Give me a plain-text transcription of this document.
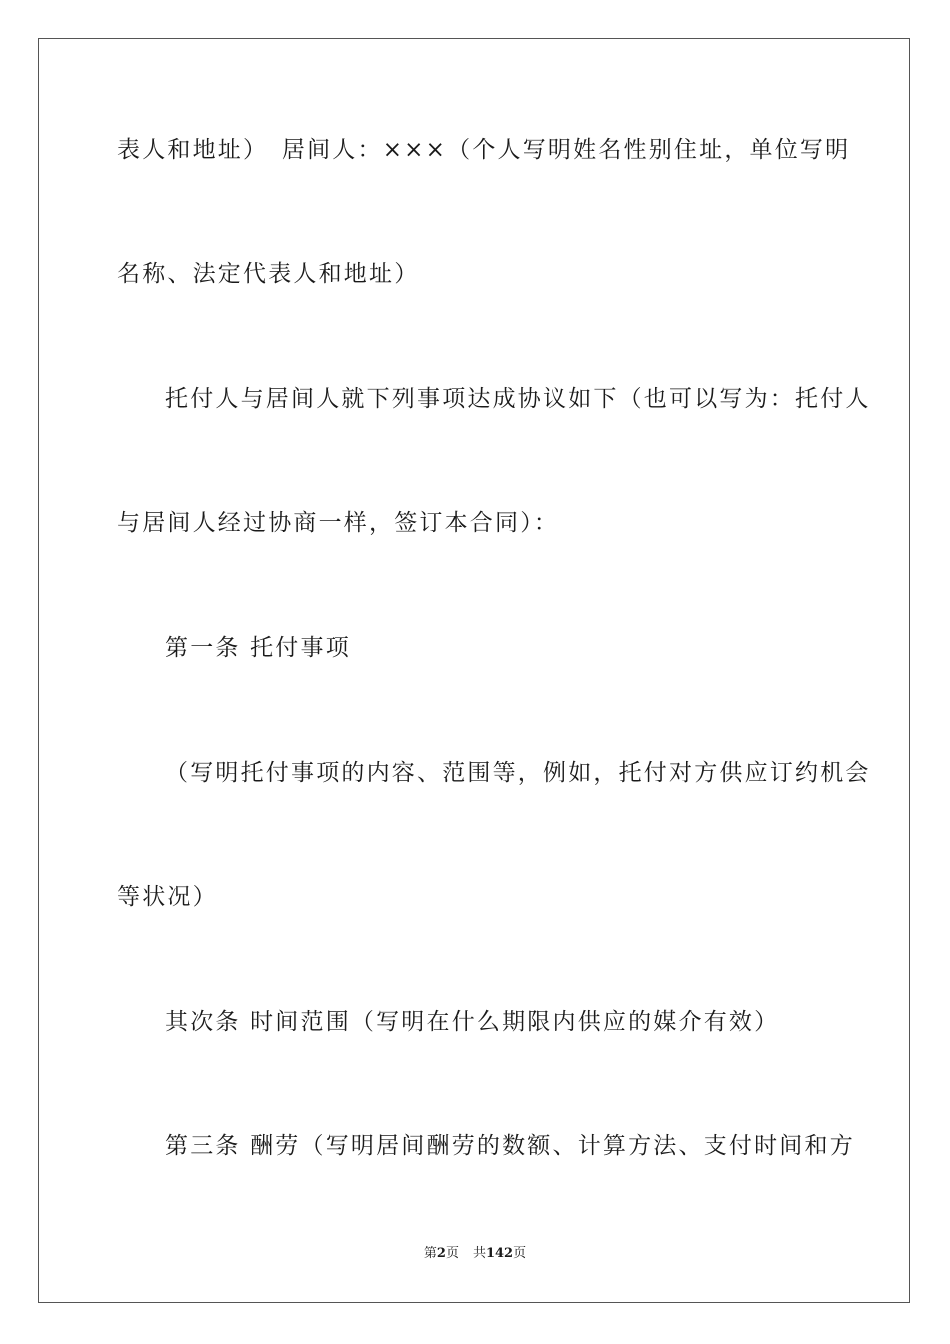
表人和地址）　居间人：×××（个人写明姓名性别住址，单位写明
名称、法定代表人和地址）
托付人与居间人就下列事项达成协议如下（也可以写为：托付人
与居间人经过协商一样，签订本合同）：
第一条 托付事项
（写明托付事项的内容、范围等，例如，托付对方供应订约机会
等状况）
其次条 时间范围（写明在什么期限内供应的媒介有效）
第三条 酬劳（写明居间酬劳的数额、计算方法、支付时间和方
第2页 共142页
